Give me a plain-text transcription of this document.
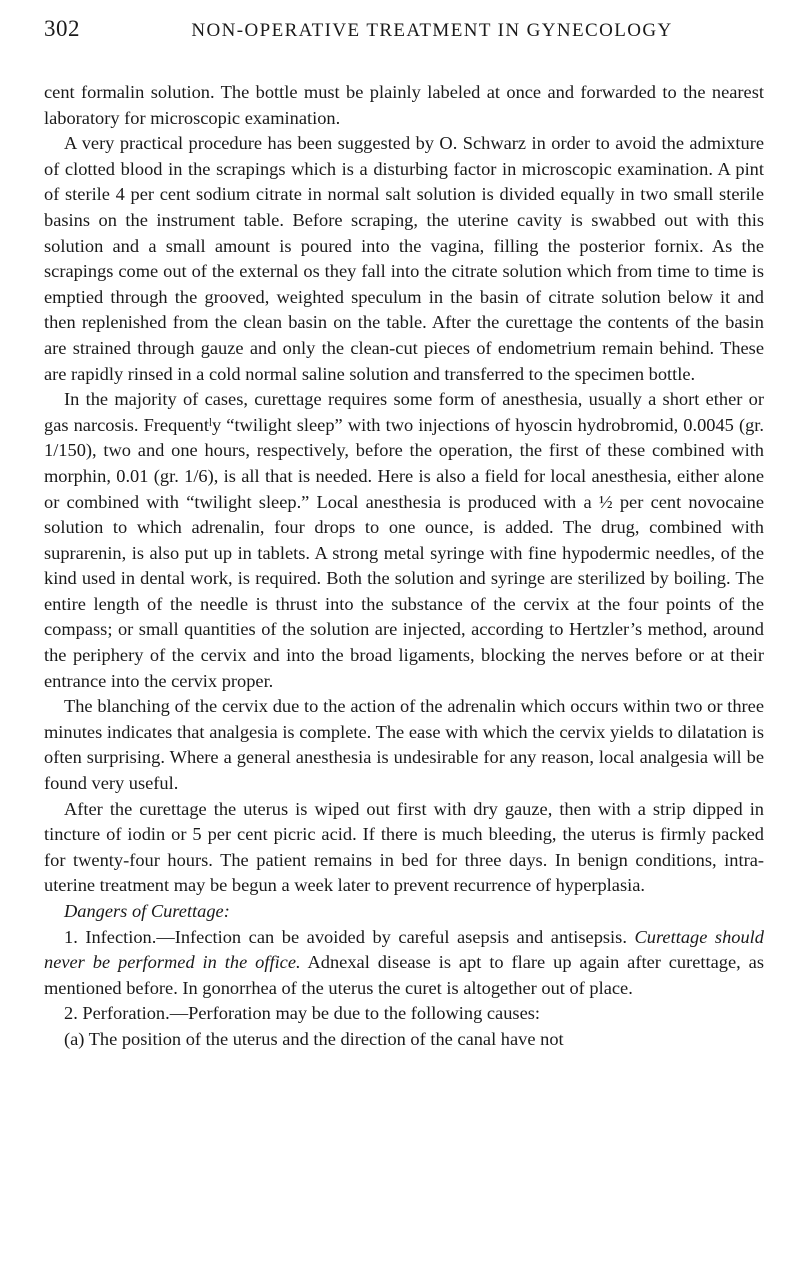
302	NON-OPERATIVE TREATMENT IN GYNECOLOGY

cent formalin solution. The bottle must be plainly labeled at once and forwarded to the nearest laboratory for microscopic examination.

A very practical procedure has been suggested by O. Schwarz in order to avoid the admixture of clotted blood in the scrapings which is a disturbing factor in microscopic examination. A pint of sterile 4 per cent sodium citrate in normal salt solution is divided equally in two small sterile basins on the instrument table. Before scraping, the uterine cavity is swabbed out with this solution and a small amount is poured into the vagina, filling the posterior fornix. As the scrapings come out of the external os they fall into the citrate solution which from time to time is emptied through the grooved, weighted speculum in the basin of citrate solution below it and then replenished from the clean basin on the table. After the curettage the contents of the basin are strained through gauze and only the clean-cut pieces of endometrium remain behind. These are rapidly rinsed in a cold normal saline solution and transferred to the specimen bottle.

In the majority of cases, curettage requires some form of anesthesia, usually a short ether or gas narcosis. Frequentˡy “twilight sleep” with two injections of hyoscin hydrobromid, 0.0045 (gr. 1/150), two and one hours, respectively, before the operation, the first of these combined with morphin, 0.01 (gr. 1/6), is all that is needed. Here is also a field for local anesthesia, either alone or combined with “twilight sleep.” Local anesthesia is produced with a ½ per cent novocaine solution to which adrenalin, four drops to one ounce, is added. The drug, combined with suprarenin, is also put up in tablets. A strong metal syringe with fine hypodermic needles, of the kind used in dental work, is required. Both the solution and syringe are sterilized by boiling. The entire length of the needle is thrust into the substance of the cervix at the four points of the compass; or small quantities of the solution are injected, according to Hertzler’s method, around the periphery of the cervix and into the broad ligaments, blocking the nerves before or at their entrance into the cervix proper.

The blanching of the cervix due to the action of the adrenalin which occurs within two or three minutes indicates that analgesia is complete. The ease with which the cervix yields to dilatation is often surprising. Where a general anesthesia is undesirable for any reason, local analgesia will be found very useful.

After the curettage the uterus is wiped out first with dry gauze, then with a strip dipped in tincture of iodin or 5 per cent picric acid. If there is much bleeding, the uterus is firmly packed for twenty-four hours. The patient remains in bed for three days. In benign conditions, intra-uterine treatment may be begun a week later to prevent recurrence of hyperplasia.

Dangers of Curettage:

1. Infection.—Infection can be avoided by careful asepsis and antisepsis. Curettage should never be performed in the office. Adnexal disease is apt to flare up again after curettage, as mentioned before. In gonorrhea of the uterus the curet is altogether out of place.

2. Perforation.—Perforation may be due to the following causes:

(a) The position of the uterus and the direction of the canal have not
